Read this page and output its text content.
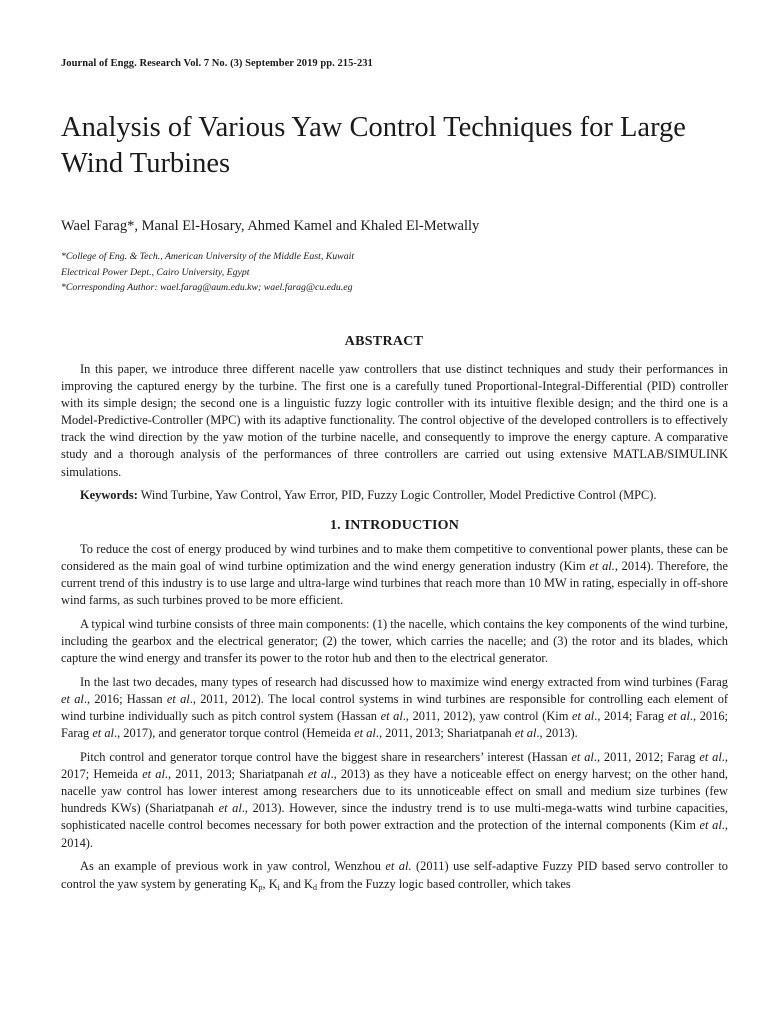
Journal of Engg. Research Vol. 7 No. (3) September 2019 pp. 215-231
Analysis of Various Yaw Control Techniques for Large Wind Turbines
Wael Farag*, Manal El-Hosary, Ahmed Kamel and Khaled El-Metwally
*College of Eng. & Tech., American University of the Middle East, Kuwait
Electrical Power Dept., Cairo University, Egypt
*Corresponding Author: wael.farag@aum.edu.kw; wael.farag@cu.edu.eg
ABSTRACT

In this paper, we introduce three different nacelle yaw controllers that use distinct techniques and study their performances in improving the captured energy by the turbine. The first one is a carefully tuned Proportional-Integral-Differential (PID) controller with its simple design; the second one is a linguistic fuzzy logic controller with its intuitive flexible design; and the third one is a Model-Predictive-Controller (MPC) with its adaptive functionality. The control objective of the developed controllers is to effectively track the wind direction by the yaw motion of the turbine nacelle, and consequently to improve the energy capture. A comparative study and a thorough analysis of the performances of three controllers are carried out using extensive MATLAB/SIMULINK simulations.

Keywords: Wind Turbine, Yaw Control, Yaw Error, PID, Fuzzy Logic Controller, Model Predictive Control (MPC).

1. INTRODUCTION

To reduce the cost of energy produced by wind turbines and to make them competitive to conventional power plants, these can be considered as the main goal of wind turbine optimization and the wind energy generation industry (Kim et al., 2014). Therefore, the current trend of this industry is to use large and ultra-large wind turbines that reach more than 10 MW in rating, especially in off-shore wind farms, as such turbines proved to be more efficient.

A typical wind turbine consists of three main components: (1) the nacelle, which contains the key components of the wind turbine, including the gearbox and the electrical generator; (2) the tower, which carries the nacelle; and (3) the rotor and its blades, which capture the wind energy and transfer its power to the rotor hub and then to the electrical generator.

In the last two decades, many types of research had discussed how to maximize wind energy extracted from wind turbines (Farag et al., 2016; Hassan et al., 2011, 2012). The local control systems in wind turbines are responsible for controlling each element of wind turbine individually such as pitch control system (Hassan et al., 2011, 2012), yaw control (Kim et al., 2014; Farag et al., 2016; Farag et al., 2017), and generator torque control (Hemeida et al., 2011, 2013; Shariatpanah et al., 2013).

Pitch control and generator torque control have the biggest share in researchers’ interest (Hassan et al., 2011, 2012; Farag et al., 2017; Hemeida et al., 2011, 2013; Shariatpanah et al., 2013) as they have a noticeable effect on energy harvest; on the other hand, nacelle yaw control has lower interest among researchers due to its unnoticeable effect on small and medium size turbines (few hundreds KWs) (Shariatpanah et al., 2013). However, since the industry trend is to use multi-mega-watts wind turbine capacities, sophisticated nacelle control becomes necessary for both power extraction and the protection of the internal components (Kim et al., 2014).

As an example of previous work in yaw control, Wenzhou et al. (2011) use self-adaptive Fuzzy PID based servo controller to control the yaw system by generating $K_p$, $K_i$ and $K_d$ from the Fuzzy logic based controller, which takes
